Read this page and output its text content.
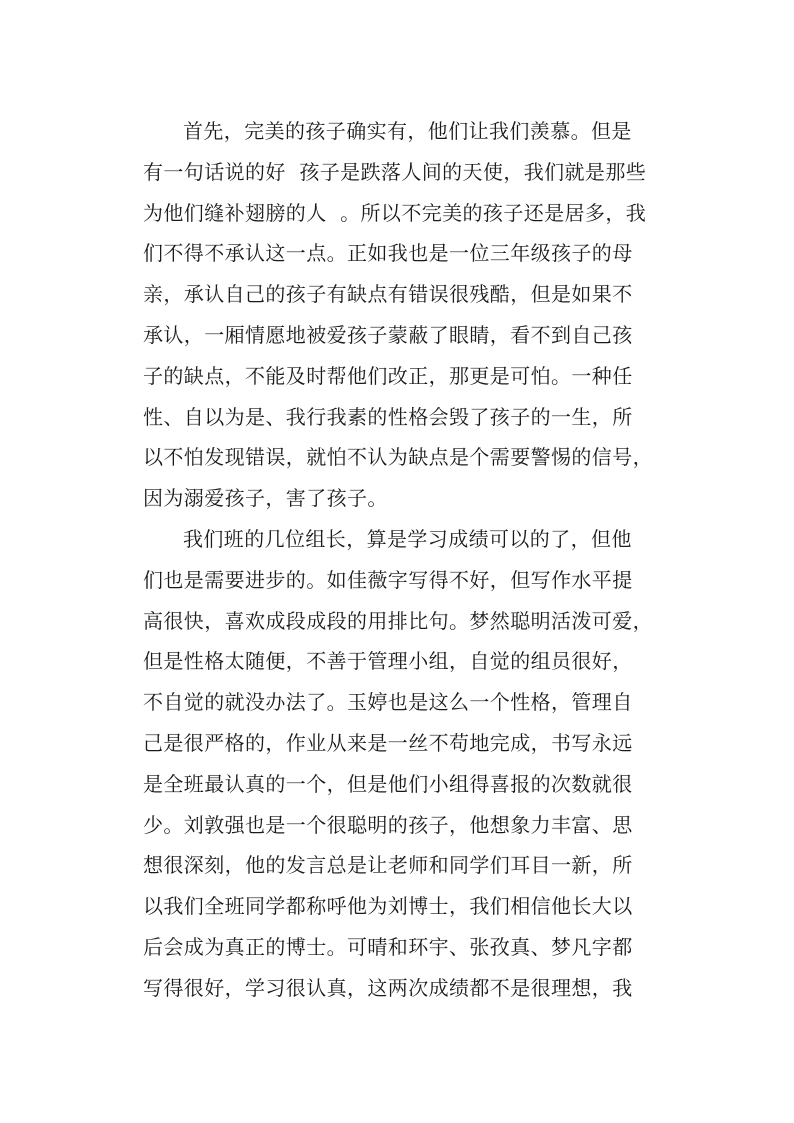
首先，完美的孩子确实有，他们让我们羡慕。但是
有一句话说的好  孩子是跌落人间的天使，我们就是那些
为他们缝补翅膀的人  。所以不完美的孩子还是居多，我
们不得不承认这一点。正如我也是一位三年级孩子的母
亲，承认自己的孩子有缺点有错误很残酷，但是如果不
承认，一厢情愿地被爱孩子蒙蔽了眼睛，看不到自己孩
子的缺点，不能及时帮他们改正，那更是可怕。一种任
性、自以为是、我行我素的性格会毁了孩子的一生，所
以不怕发现错误，就怕不认为缺点是个需要警惕的信号，
因为溺爱孩子，害了孩子。
我们班的几位组长，算是学习成绩可以的了，但他
们也是需要进步的。如佳薇字写得不好，但写作水平提
高很快，喜欢成段成段的用排比句。梦然聪明活泼可爱，
但是性格太随便，不善于管理小组，自觉的组员很好，
不自觉的就没办法了。玉婷也是这么一个性格，管理自
己是很严格的，作业从来是一丝不苟地完成，书写永远
是全班最认真的一个，但是他们小组得喜报的次数就很
少。刘敦强也是一个很聪明的孩子，他想象力丰富、思
想很深刻，他的发言总是让老师和同学们耳目一新，所
以我们全班同学都称呼他为刘博士，我们相信他长大以
后会成为真正的博士。可晴和环宇、张孜真、梦凡字都
写得很好，学习很认真，这两次成绩都不是很理想，我
